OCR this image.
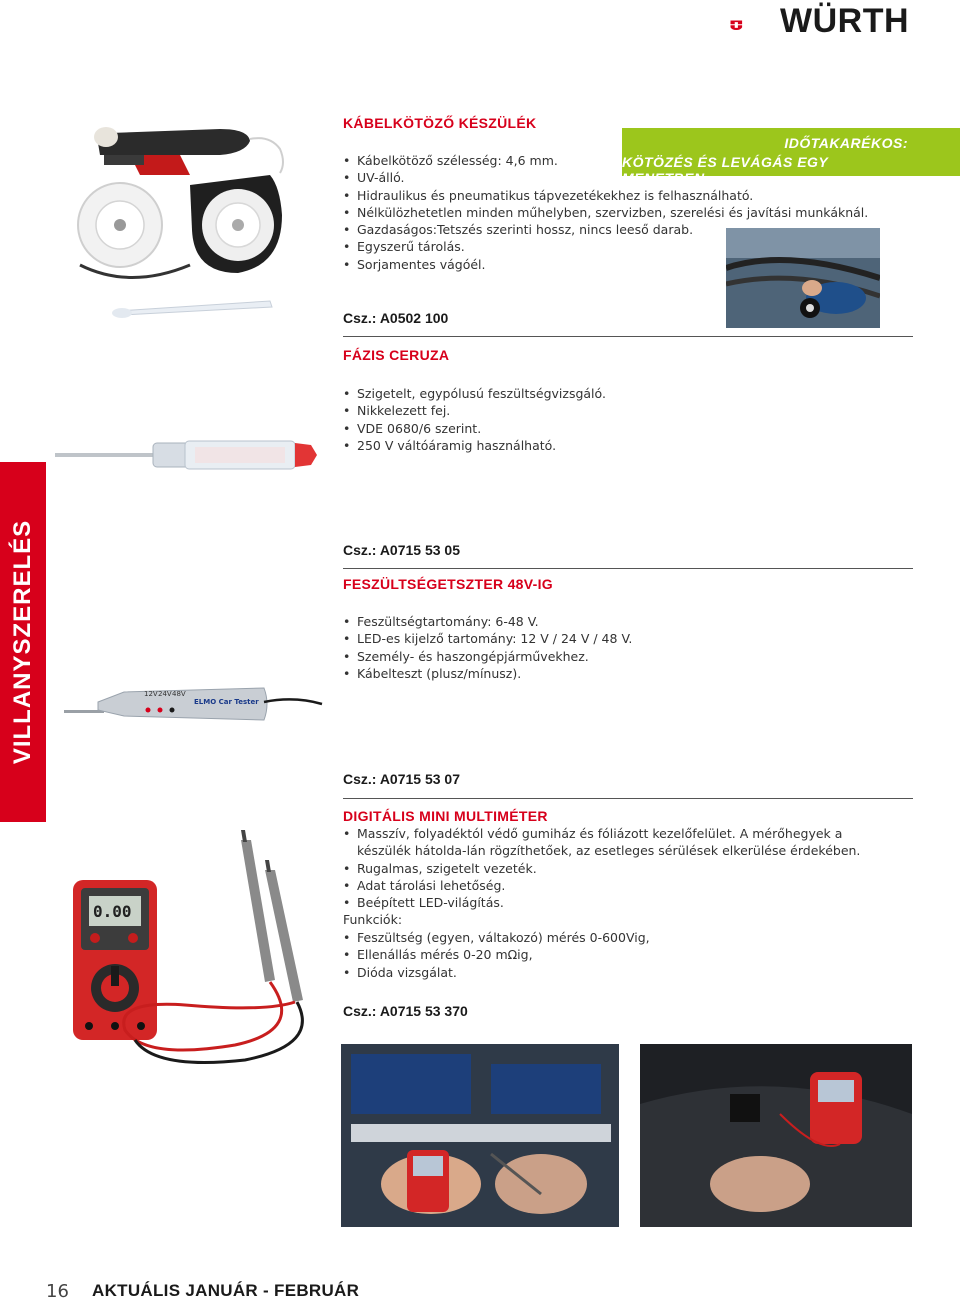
WÜRTH
KÁBELKÖTÖZŐ KÉSZÜLÉK
IDŐTAKARÉKOS:
KÖTÖZÉS ÉS LEVÁGÁS EGY MENETBEN.
• Kábelkötöző szélesség: 4,6 mm.
• UV-álló.
• Hidraulikus és pneumatikus tápvezetékekhez is felhasználható.
• Nélkülözhetetlen minden műhelyben, szervizben, szerelési és javítási munkáknál.
• Gazdaságos:Tetszés szerinti hossz, nincs leeső darab.
• Egyszerű tárolás.
• Sorjamentes vágóél.
Csz.: A0502 100
FÁZIS CERUZA
• Szigetelt, egypólusú feszültségvizsgáló.
• Nikkelezett fej.
• VDE 0680/6 szerint.
• 250 V váltóáramig használható.
Csz.: A0715 53 05
VILLANYSZERELÉS	FESZÜLTSÉGETSZTER 48V-IG
• Feszültségtartomány: 6-48 V.
• LED-es kijelző tartomány: 12 V / 24 V / 48 V.
• Személy- és haszongépjárművekhez.
• Kábelteszt (plusz/mínusz).
12V 24V 48V
ELMO Car Tester
Csz.: A0715 53 07
DIGITÁLIS MINI MULTIMÉTER
• Masszív, folyadéktól védő gumiház és fóliázott kezelőfelület. A mérőhegyek a készülék hátolda-lán rögzíthetőek, az esetleges sérülések elkerülése érdekében.
• Rugalmas, szigetelt vezeték.
• Adat tárolási lehetőség.
• Beépített LED-világítás.
Funkciók:
• Feszültség (egyen, váltakozó) mérés 0-600Vig,
• Ellenállás mérés 0-20 mΩig,
• Dióda vizsgálat.
Csz.: A0715 53 370
0.00
16 AKTUÁLIS JANUÁR - FEBRUÁR
